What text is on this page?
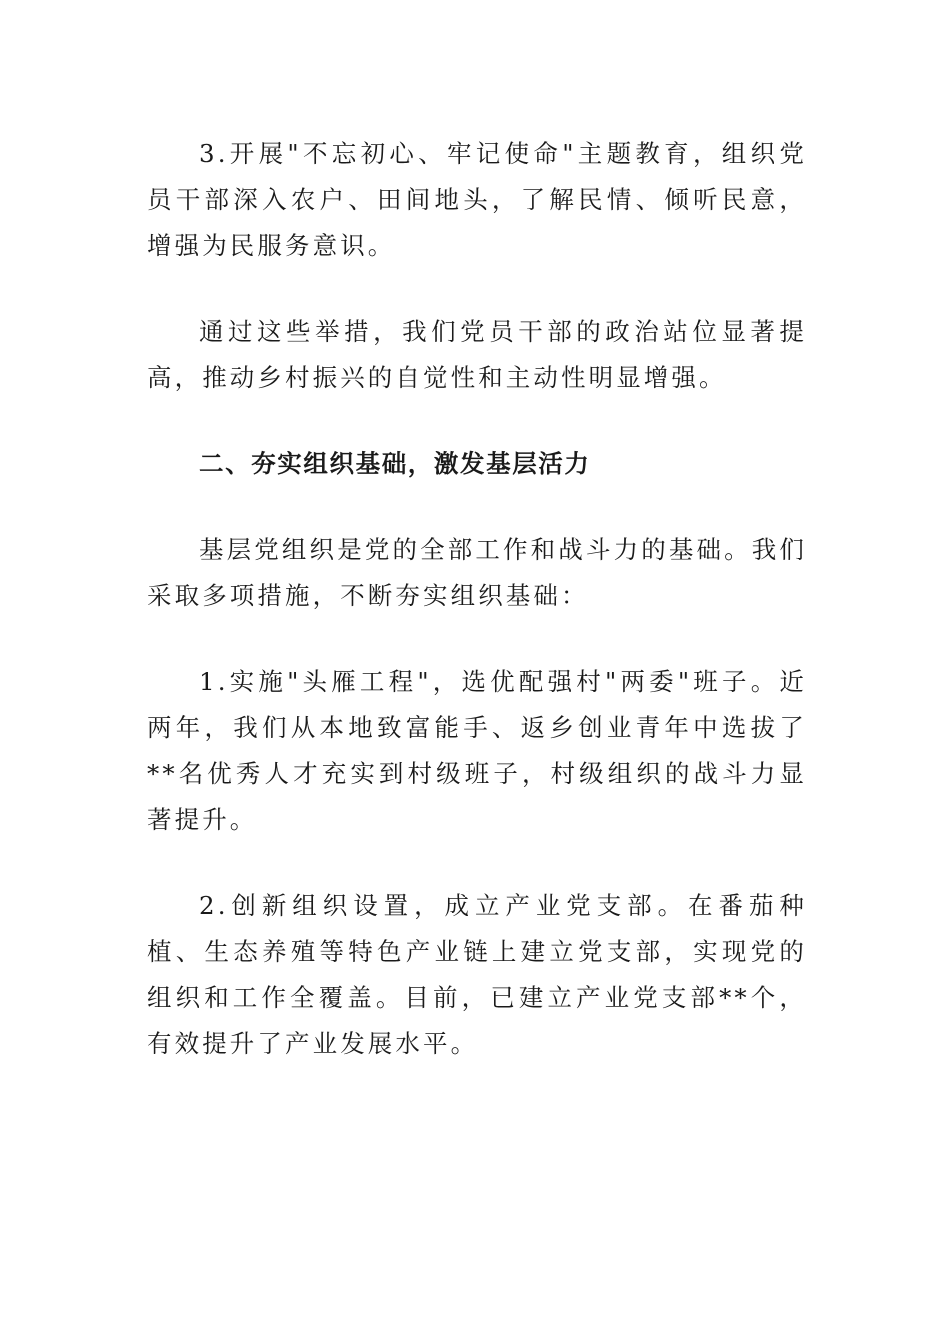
3.开展"不忘初心、牢记使命"主题教育，组织党员干部深入农户、田间地头，了解民情、倾听民意，增强为民服务意识。

通过这些举措，我们党员干部的政治站位显著提高，推动乡村振兴的自觉性和主动性明显增强。

二、夯实组织基础，激发基层活力

基层党组织是党的全部工作和战斗力的基础。我们采取多项措施，不断夯实组织基础：

1.实施"头雁工程"，选优配强村"两委"班子。近两年，我们从本地致富能手、返乡创业青年中选拔了**名优秀人才充实到村级班子，村级组织的战斗力显著提升。

2.创新组织设置，成立产业党支部。在番茄种植、生态养殖等特色产业链上建立党支部，实现党的组织和工作全覆盖。目前，已建立产业党支部**个，有效提升了产业发展水平。
